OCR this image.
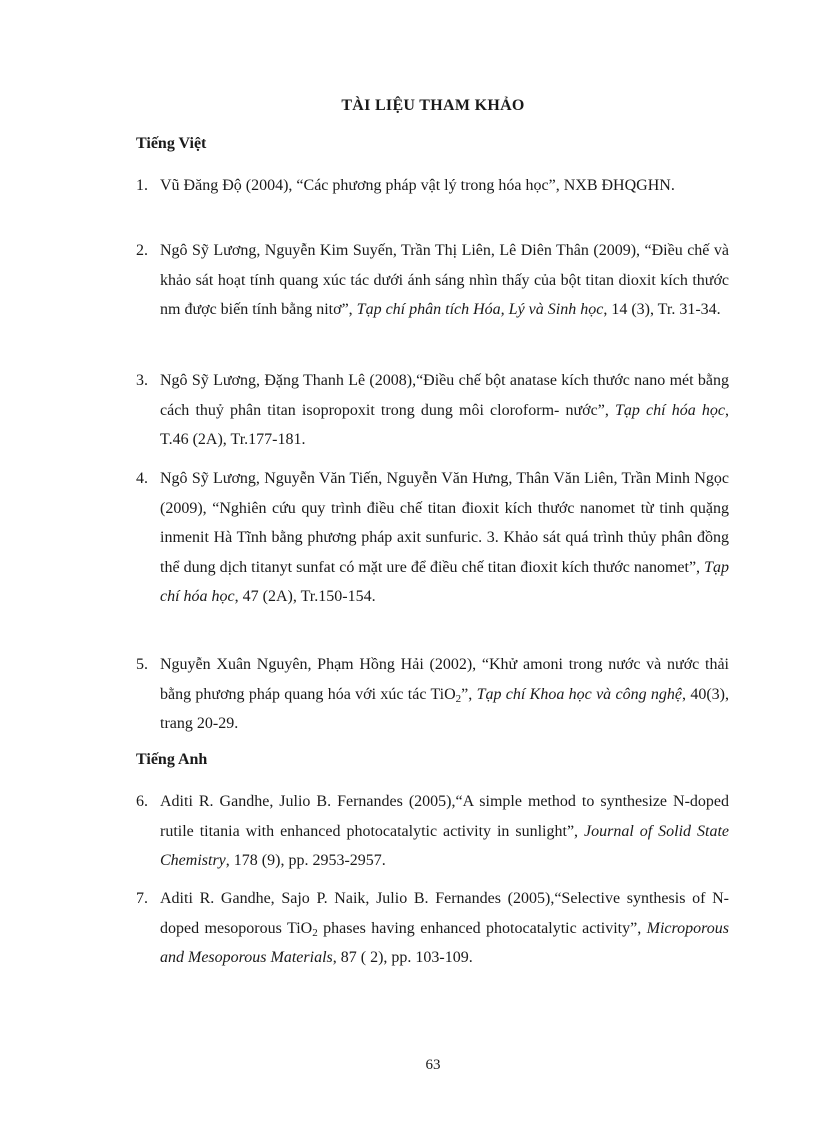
TÀI LIỆU THAM KHẢO
Tiếng Việt
1. Vũ Đăng Độ (2004), “Các phương pháp vật lý trong hóa học”, NXB ĐHQGHN.
2. Ngô Sỹ Lương, Nguyễn Kim Suyến, Trần Thị Liên, Lê Diên Thân (2009), “Điều chế và khảo sát hoạt tính quang xúc tác dưới ánh sáng nhìn thấy của bột titan dioxit kích thước nm được biến tính bằng nitơ”, Tạp chí phân tích Hóa, Lý và Sinh học, 14 (3), Tr. 31-34.
3. Ngô Sỹ Lương, Đặng Thanh Lê (2008),“Điều chế bột anatase kích thước nano mét bằng cách thuỷ phân titan isopropoxit trong dung môi cloroform- nước”, Tạp chí hóa học, T.46 (2A), Tr.177-181.
4. Ngô Sỹ Lương, Nguyễn Văn Tiến, Nguyễn Văn Hưng, Thân Văn Liên, Trần Minh Ngọc (2009), “Nghiên cứu quy trình điều chế titan đioxit kích thước nanomet từ tinh quặng inmenit Hà Tĩnh bằng phương pháp axit sunfuric. 3. Khảo sát quá trình thủy phân đồng thể dung dịch titanyt sunfat có mặt ure để điều chế titan đioxit kích thước nanomet”, Tạp chí hóa học, 47 (2A), Tr.150-154.
5. Nguyễn Xuân Nguyên, Phạm Hồng Hải (2002), “Khử amoni trong nước và nước thải bằng phương pháp quang hóa với xúc tác TiO$_2$”, Tạp chí Khoa học và công nghệ, 40(3), trang 20-29.
6. Aditi R. Gandhe, Julio B. Fernandes (2005),“A simple method to synthesize N-doped rutile titania with enhanced photocatalytic activity in sunlight”, Journal of Solid State Chemistry, 178 (9), pp. 2953-2957.
7. Aditi R. Gandhe, Sajo P. Naik, Julio B. Fernandes (2005),“Selective synthesis of N-doped mesoporous TiO$_2$ phases having enhanced photocatalytic activity”, Microporous and Mesoporous Materials, 87 ( 2), pp. 103-109.
Tiếng Anh
63
